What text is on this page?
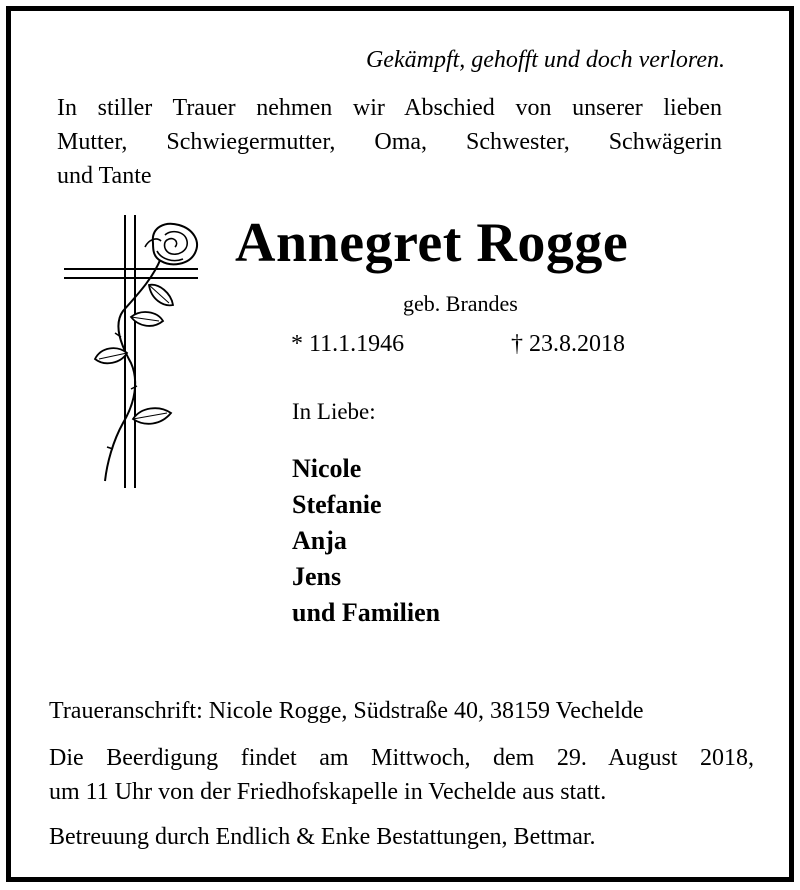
Gekämpft, gehofft und doch verloren.
In stiller Trauer nehmen wir Abschied von unserer lieben
Mutter, Schwiegermutter, Oma, Schwester, Schwägerin
und Tante
Annegret Rogge
geb. Brandes
* 11.1.1946	† 23.8.2018
In Liebe:
Nicole
Stefanie
Anja
Jens
und Familien
Traueranschrift: Nicole Rogge, Südstraße 40, 38159 Vechelde
Die Beerdigung findet am Mittwoch, dem 29. August 2018,
um 11 Uhr von der Friedhofskapelle in Vechelde aus statt.
Betreuung durch Endlich & Enke Bestattungen, Bettmar.
